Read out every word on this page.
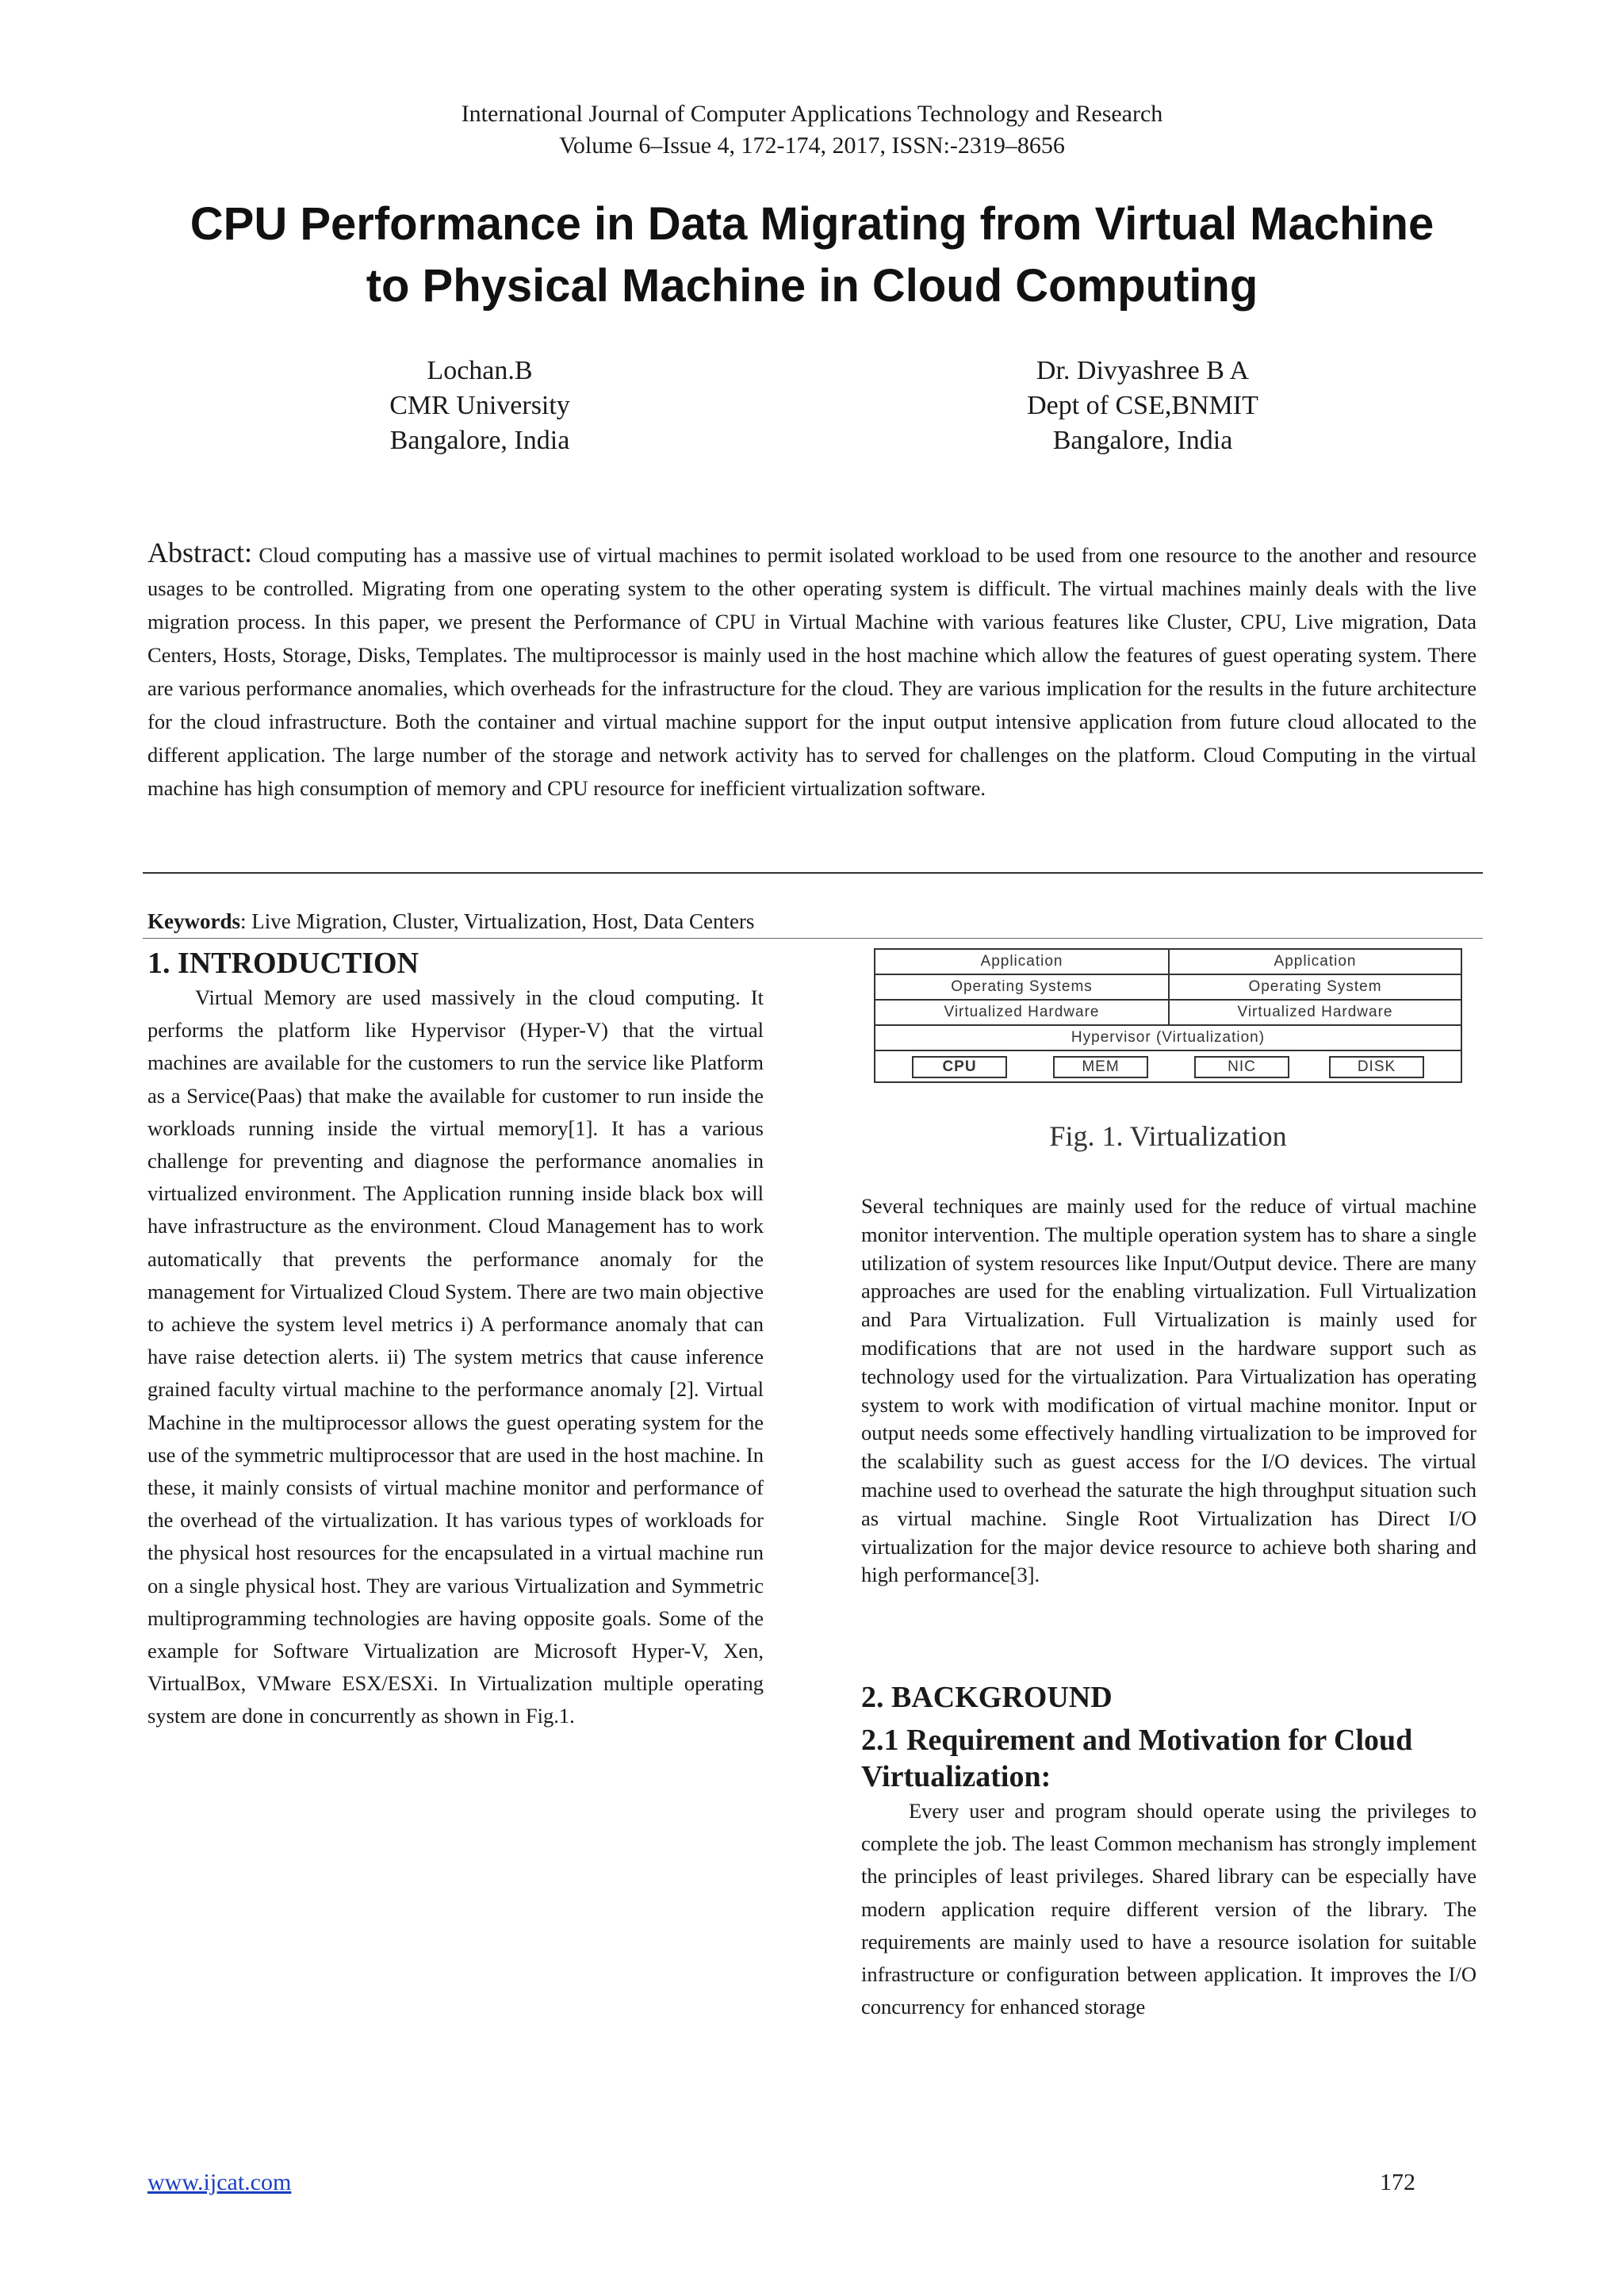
International Journal of Computer Applications Technology and Research
Volume 6–Issue 4, 172-174, 2017, ISSN:-2319–8656
CPU Performance in Data Migrating from Virtual Machine
to Physical Machine in Cloud Computing
Lochan.B
CMR University
Bangalore, India
Dr. Divyashree B A
Dept of CSE,BNMIT
Bangalore, India
Abstract: Cloud computing has a massive use of virtual machines to permit isolated workload to be used from one resource to the another and resource usages to be controlled. Migrating from one operating system to the other operating system is difficult. The virtual machines mainly deals with the live migration process. In this paper, we present the Performance of CPU in Virtual Machine with various features like Cluster, CPU, Live migration, Data Centers, Hosts, Storage, Disks, Templates. The multiprocessor is mainly used in the host machine which allow the features of guest operating system. There are various performance anomalies, which overheads for the infrastructure for the cloud. They are various implication for the results in the future architecture for the cloud infrastructure. Both the container and virtual machine support for the input output intensive application from future cloud allocated to the different application. The large number of the storage and network activity has to served for challenges on the platform. Cloud Computing in the virtual machine has high consumption of memory and CPU resource for inefficient virtualization software.
Keywords: Live Migration, Cluster, Virtualization, Host, Data Centers
1. INTRODUCTION

Virtual Memory are used massively in the cloud computing. It performs the platform like Hypervisor (Hyper-V) that the virtual machines are available for the customers to run the service like Platform as a Service(Paas) that make the available for customer to run inside the workloads running inside the virtual memory[1]. It has a various challenge for preventing and diagnose the performance anomalies in virtualized environment. The Application running inside black box will have infrastructure as the environment. Cloud Management has to work automatically that prevents the performance anomaly for the management for Virtualized Cloud System. There are two main objective to achieve the system level metrics i) A performance anomaly that can have raise detection alerts. ii) The system metrics that cause inference grained faculty virtual machine to the performance anomaly [2]. Virtual Machine in the multiprocessor allows the guest operating system for the use of the symmetric multiprocessor that are used in the host machine. In these, it mainly consists of virtual machine monitor and performance of the overhead of the virtualization. It has various types of workloads for the physical host resources for the encapsulated in a virtual machine run on a single physical host. They are various Virtualization and Symmetric multiprogramming technologies are having opposite goals. Some of the example for Software Virtualization are Microsoft Hyper-V, Xen, VirtualBox, VMware ESX/ESXi. In Virtualization multiple operating system are done in concurrently as shown in Fig.1.

Application	Application
Operating Systems	Operating System
Virtualized Hardware	Virtualized Hardware
Hypervisor (Virtualization)
CPU	MEM	NIC	DISK
Fig. 1. Virtualization

Several techniques are mainly used for the reduce of virtual machine monitor intervention. The multiple operation system has to share a single utilization of system resources like Input/Output device. There are many approaches are used for the enabling virtualization. Full Virtualization and Para Virtualization. Full Virtualization is mainly used for modifications that are not used in the hardware support such as technology used for the virtualization. Para Virtualization has operating system to work with modification of virtual machine monitor. Input or output needs some effectively handling virtualization to be improved for the scalability such as guest access for the I/O devices. The virtual machine used to overhead the saturate the high throughput situation such as virtual machine. Single Root Virtualization has Direct I/O virtualization for the major device resource to achieve both sharing and high performance[3].

2. BACKGROUND
2.1 Requirement and Motivation for Cloud
Virtualization:

Every user and program should operate using the privileges to complete the job. The least Common mechanism has strongly implement the principles of least privileges. Shared library can be especially have modern application require different version of the library. The requirements are mainly used to have a resource isolation for suitable infrastructure or configuration between application. It improves the I/O concurrency for enhanced storage

www.ijcat.com	172
